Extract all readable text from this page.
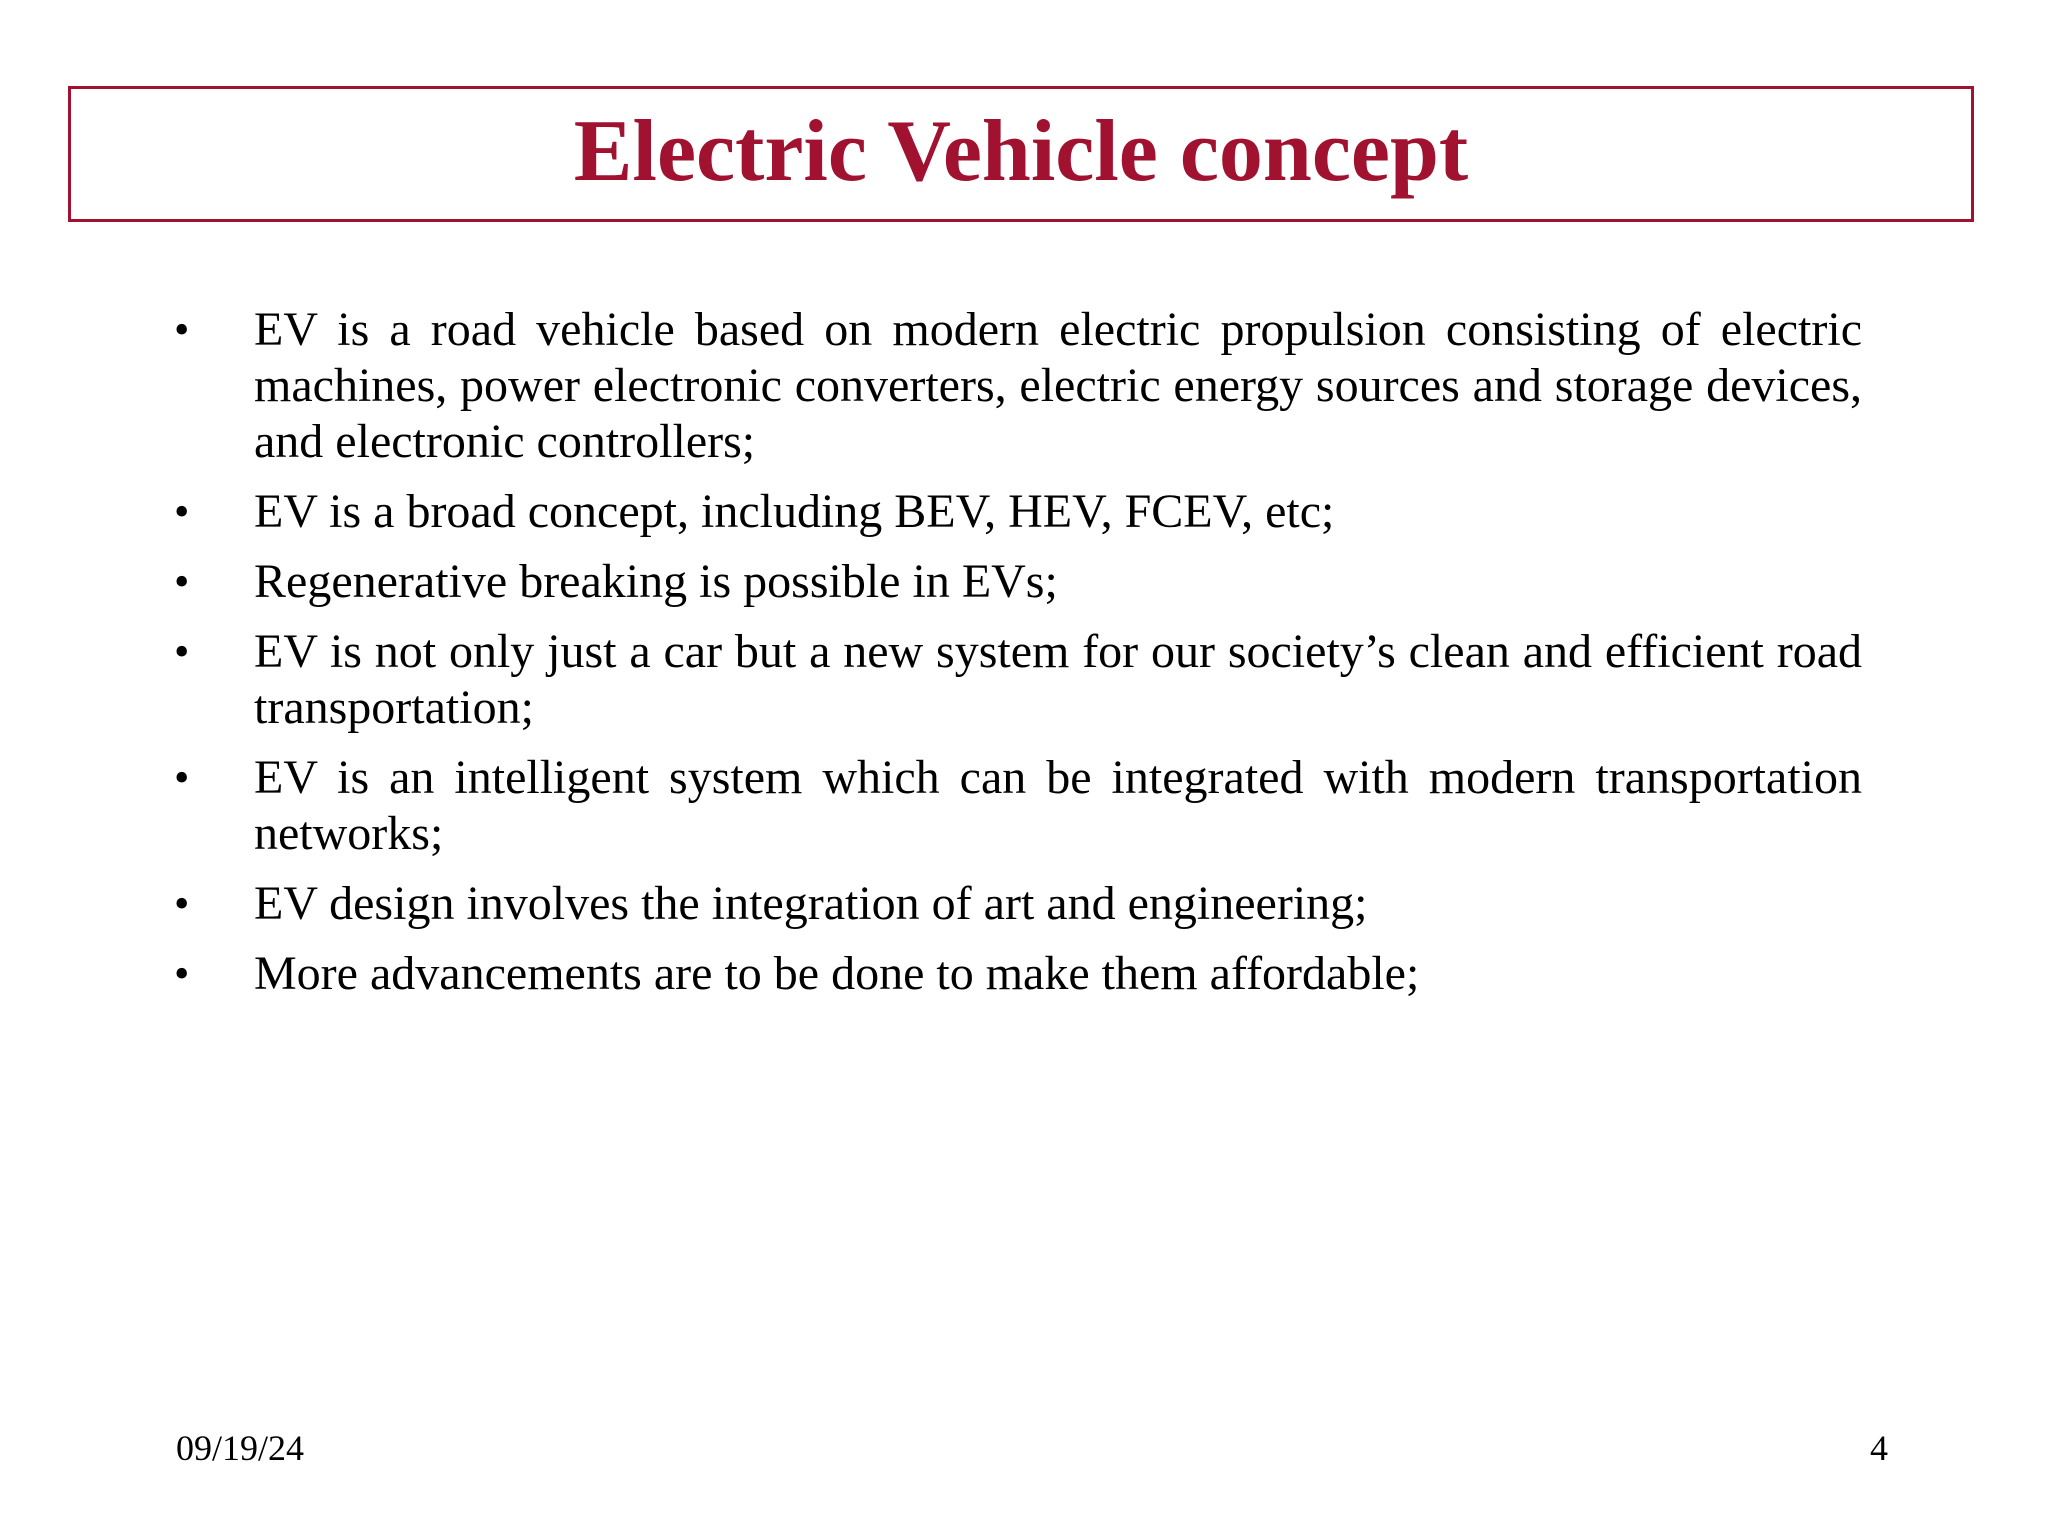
Electric Vehicle concept
•	EV is a road vehicle based on modern electric propulsion consisting of electric machines, power electronic converters, electric energy sources and storage devices, and electronic controllers;
•	EV is a broad concept, including BEV, HEV, FCEV, etc;
•	Regenerative breaking is possible in EVs;
•	EV is not only just a car but a new system for our society’s clean and efficient road transportation;
•	EV is an intelligent system which can be integrated with modern transportation networks;
•	EV design involves the integration of art and engineering;
•	More advancements are to be done to make them affordable;
09/19/24	4
